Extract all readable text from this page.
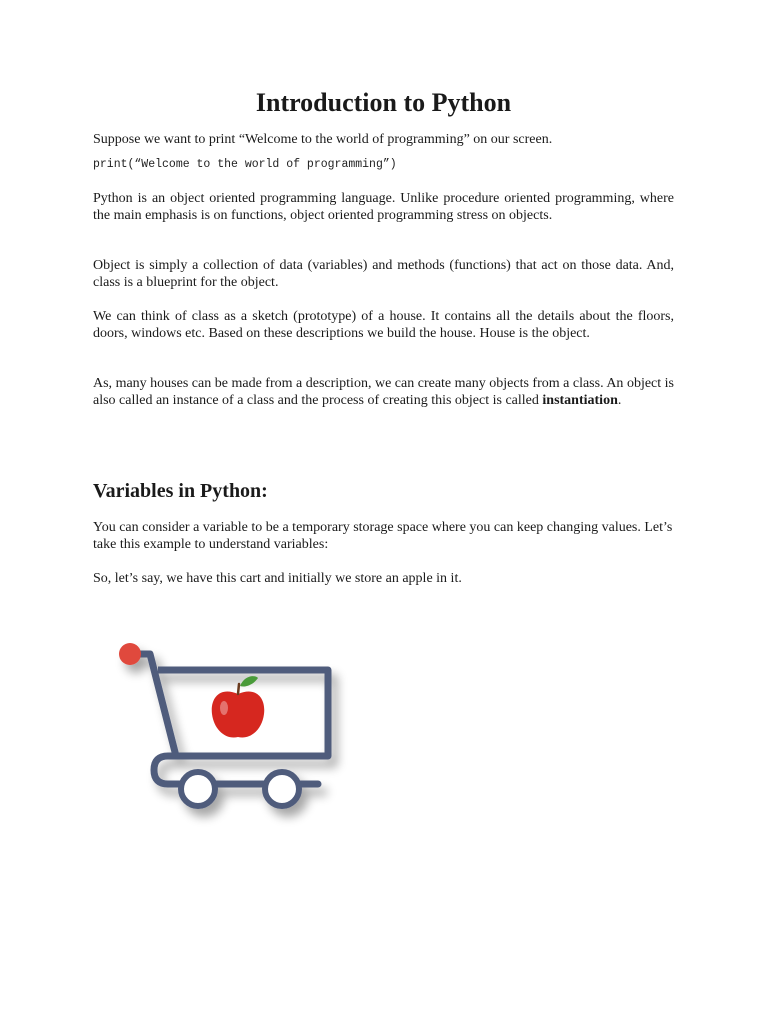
Introduction to Python

Suppose we want to print “Welcome to the world of programming” on our screen.

print(“Welcome to the world of programming”)

Python is an object oriented programming language. Unlike procedure oriented programming, where the main emphasis is on functions, object oriented programming stress on objects.

Object is simply a collection of data (variables) and methods (functions) that act on those data. And, class is a blueprint for the object.

We can think of class as a sketch (prototype) of a house. It contains all the details about the floors, doors, windows etc. Based on these descriptions we build the house. House is the object.

As, many houses can be made from a description, we can create many objects from a class. An object is also called an instance of a class and the process of creating this object is called instantiation.

Variables in Python:

You can consider a variable to be a temporary storage space where you can keep changing values. Let’s take this example to understand variables:

So, let’s say, we have this cart and initially we store an apple in it.
